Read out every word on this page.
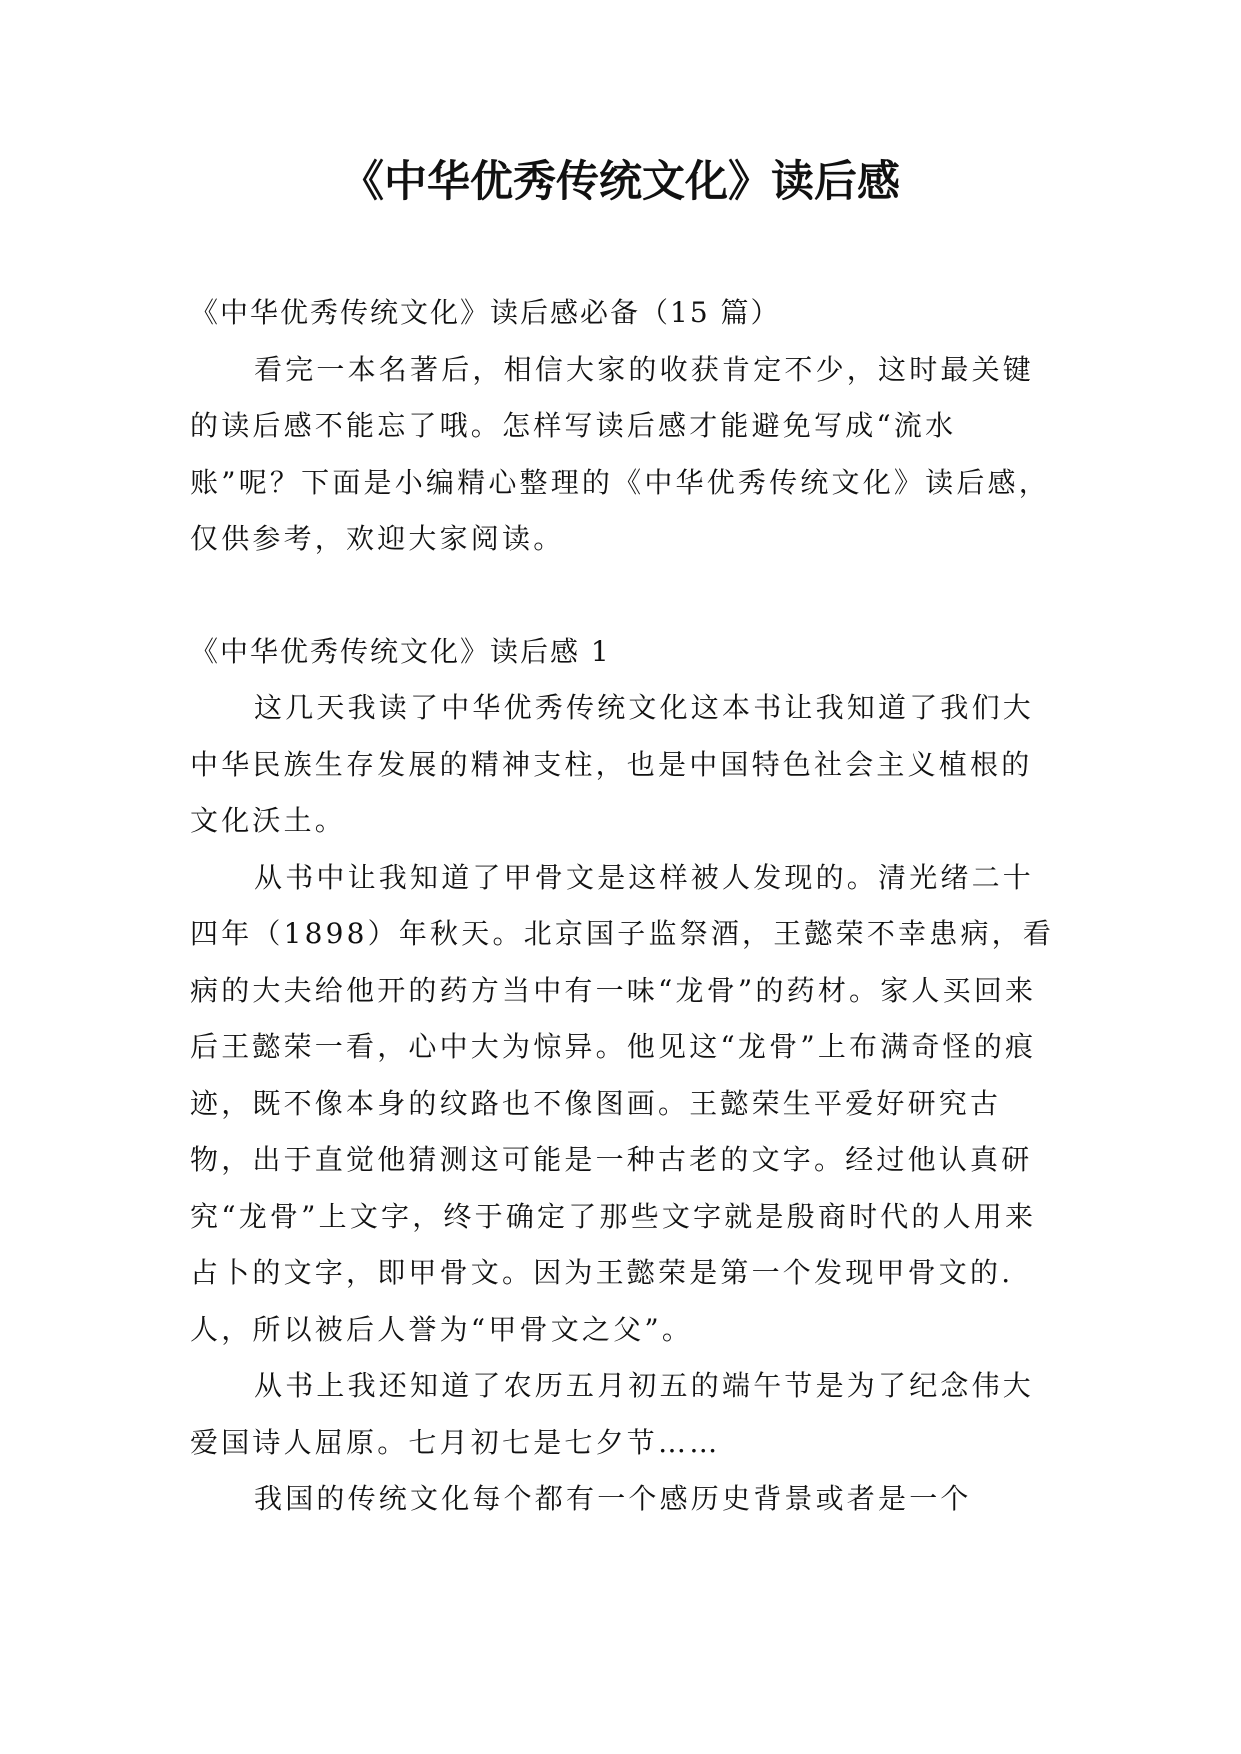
《中华优秀传统文化》读后感

《中华优秀传统文化》读后感必备（15 篇）

看完一本名著后，相信大家的收获肯定不少，这时最关键的读后感不能忘了哦。怎样写读后感才能避免写成“流水账”呢？下面是小编精心整理的《中华优秀传统文化》读后感，仅供参考，欢迎大家阅读。

《中华优秀传统文化》读后感 1

这几天我读了中华优秀传统文化这本书让我知道了我们大中华民族生存发展的精神支柱，也是中国特色社会主义植根的文化沃土。

从书中让我知道了甲骨文是这样被人发现的。清光绪二十四年（1898）年秋天。北京国子监祭酒，王懿荣不幸患病，看病的大夫给他开的药方当中有一味“龙骨”的药材。家人买回来后王懿荣一看，心中大为惊异。他见这“龙骨”上布满奇怪的痕迹，既不像本身的纹路也不像图画。王懿荣生平爱好研究古物，出于直觉他猜测这可能是一种古老的文字。经过他认真研究“龙骨”上文字，终于确定了那些文字就是殷商时代的人用来占卜的文字，即甲骨文。因为王懿荣是第一个发现甲骨文的.人，所以被后人誉为“甲骨文之父”。

从书上我还知道了农历五月初五的端午节是为了纪念伟大爱国诗人屈原。七月初七是七夕节……

我国的传统文化每个都有一个感历史背景或者是一个
